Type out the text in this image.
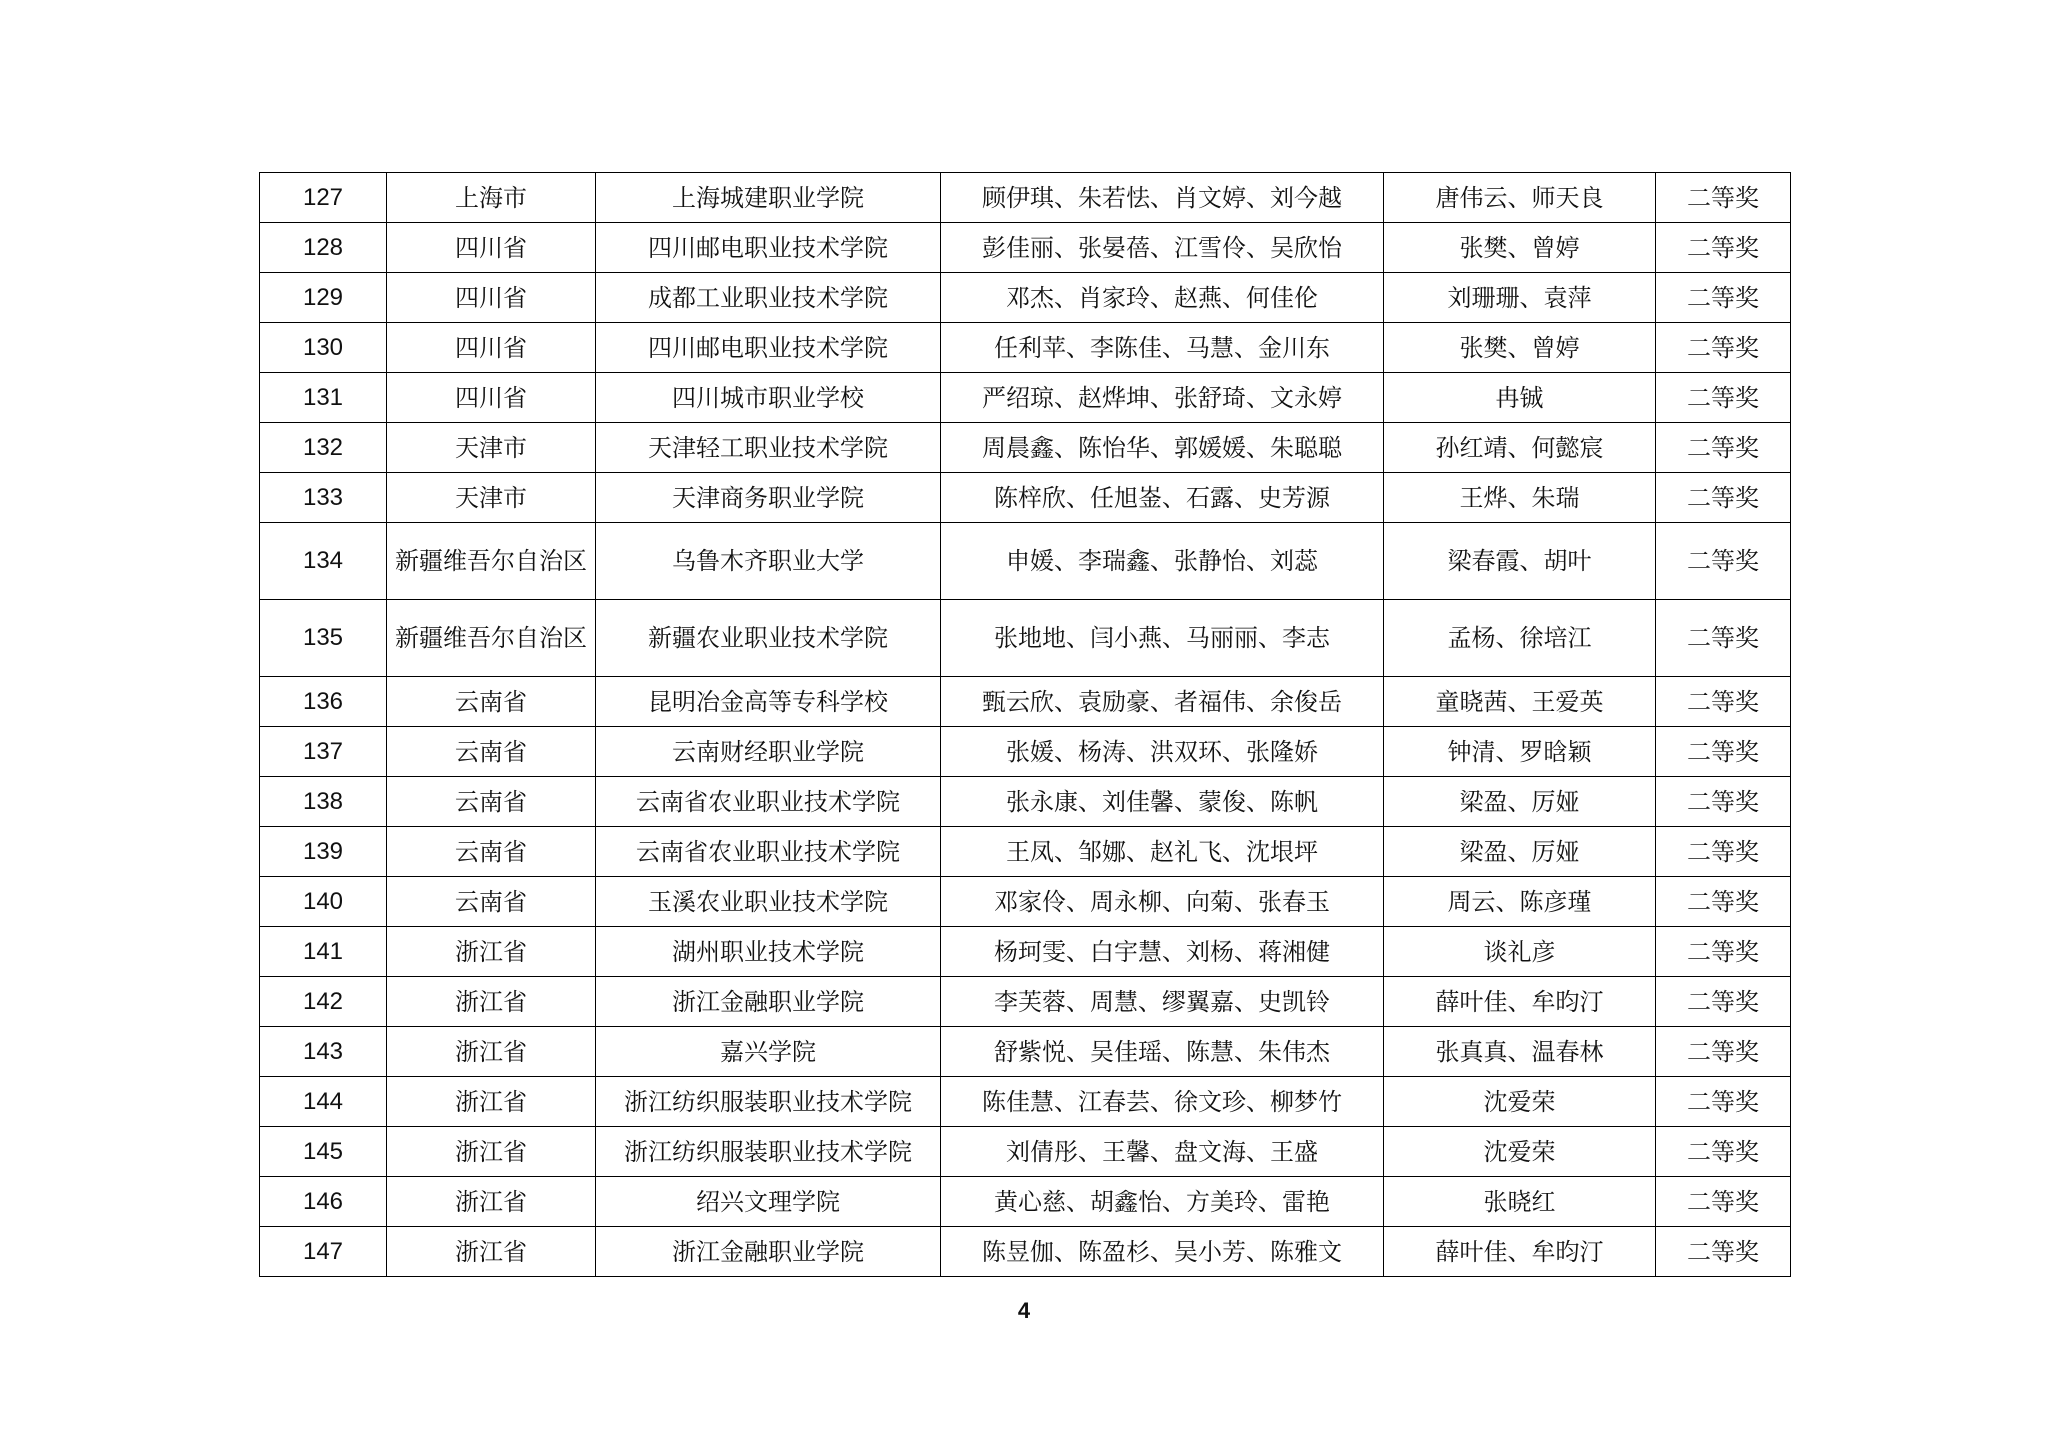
127	上海市	上海城建职业学院	顾伊琪、朱若怯、肖文婷、刘今越	唐伟云、师天良	二等奖
128	四川省	四川邮电职业技术学院	彭佳丽、张晏蓓、江雪伶、吴欣怡	张樊、曾婷	二等奖
129	四川省	成都工业职业技术学院	邓杰、肖家玲、赵燕、何佳伦	刘珊珊、袁萍	二等奖
130	四川省	四川邮电职业技术学院	任利苹、李陈佳、马慧、金川东	张樊、曾婷	二等奖
131	四川省	四川城市职业学校	严绍琼、赵烨坤、张舒琦、文永婷	冉铖	二等奖
132	天津市	天津轻工职业技术学院	周晨鑫、陈怡华、郭媛媛、朱聪聪	孙红靖、何懿宸	二等奖
133	天津市	天津商务职业学院	陈梓欣、任旭崟、石露、史芳源	王烨、朱瑞	二等奖
134	新疆维吾尔自治区	乌鲁木齐职业大学	申媛、李瑞鑫、张静怡、刘蕊	梁春霞、胡叶	二等奖
135	新疆维吾尔自治区	新疆农业职业技术学院	张地地、闫小燕、马丽丽、李志	孟杨、徐培江	二等奖
136	云南省	昆明冶金高等专科学校	甄云欣、袁励豪、者福伟、余俊岳	童晓茜、王爱英	二等奖
137	云南省	云南财经职业学院	张媛、杨涛、洪双环、张隆娇	钟清、罗晗颖	二等奖
138	云南省	云南省农业职业技术学院	张永康、刘佳馨、蒙俊、陈帆	梁盈、厉娅	二等奖
139	云南省	云南省农业职业技术学院	王凤、邹娜、赵礼飞、沈垠坪	梁盈、厉娅	二等奖
140	云南省	玉溪农业职业技术学院	邓家伶、周永柳、向菊、张春玉	周云、陈彦瑾	二等奖
141	浙江省	湖州职业技术学院	杨珂雯、白宇慧、刘杨、蒋湘健	谈礼彦	二等奖
142	浙江省	浙江金融职业学院	李芙蓉、周慧、缪翼嘉、史凯铃	薛叶佳、牟昀汀	二等奖
143	浙江省	嘉兴学院	舒紫悦、吴佳瑶、陈慧、朱伟杰	张真真、温春林	二等奖
144	浙江省	浙江纺织服装职业技术学院	陈佳慧、江春芸、徐文珍、柳梦竹	沈爱荣	二等奖
145	浙江省	浙江纺织服装职业技术学院	刘倩彤、王馨、盘文海、王盛	沈爱荣	二等奖
146	浙江省	绍兴文理学院	黄心慈、胡鑫怡、方美玲、雷艳	张晓红	二等奖
147	浙江省	浙江金融职业学院	陈昱伽、陈盈杉、吴小芳、陈雅文	薛叶佳、牟昀汀	二等奖
4
